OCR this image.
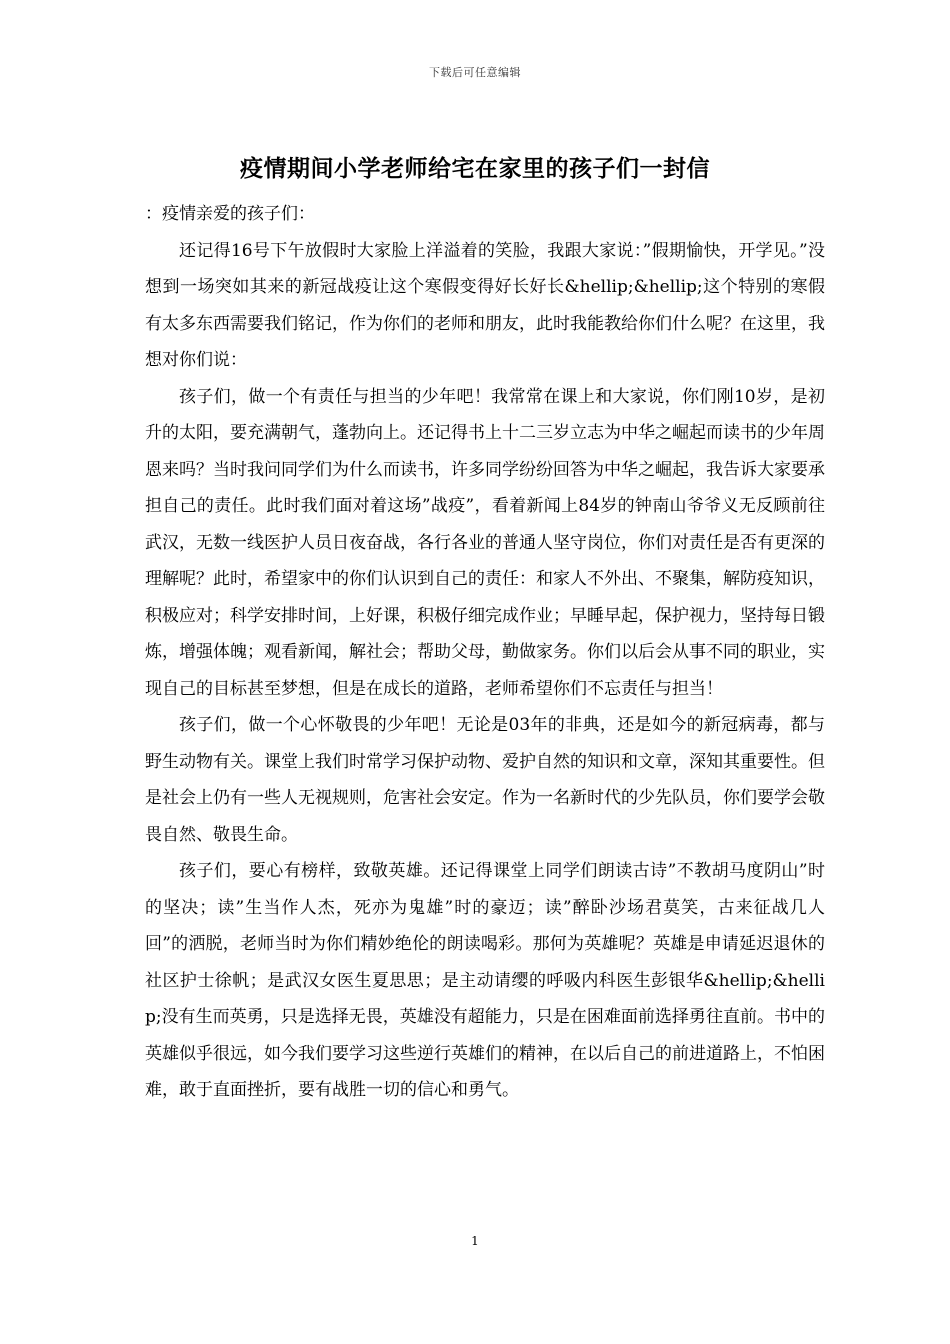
下载后可任意编辑
疫情期间小学老师给宅在家里的孩子们一封信

：疫情亲爱的孩子们：

还记得16号下午放假时大家脸上洋溢着的笑脸，我跟大家说：”假期愉快，开学见。”没想到一场突如其来的新冠战疫让这个寒假变得好长好长&hellip;&hellip;这个特别的寒假有太多东西需要我们铭记，作为你们的老师和朋友，此时我能教给你们什么呢？在这里，我想对你们说：

孩子们，做一个有责任与担当的少年吧！我常常在课上和大家说，你们刚10岁，是初升的太阳，要充满朝气，蓬勃向上。还记得书上十二三岁立志为中华之崛起而读书的少年周恩来吗？当时我问同学们为什么而读书，许多同学纷纷回答为中华之崛起，我告诉大家要承担自己的责任。此时我们面对着这场”战疫”，看着新闻上84岁的钟南山爷爷义无反顾前往武汉，无数一线医护人员日夜奋战，各行各业的普通人坚守岗位，你们对责任是否有更深的理解呢？此时，希望家中的你们认识到自己的责任：和家人不外出、不聚集，解防疫知识，积极应对；科学安排时间，上好课，积极仔细完成作业；早睡早起，保护视力，坚持每日锻炼，增强体魄；观看新闻，解社会；帮助父母，勤做家务。你们以后会从事不同的职业，实现自己的目标甚至梦想，但是在成长的道路，老师希望你们不忘责任与担当！

孩子们，做一个心怀敬畏的少年吧！无论是03年的非典，还是如今的新冠病毒，都与野生动物有关。课堂上我们时常学习保护动物、爱护自然的知识和文章，深知其重要性。但是社会上仍有一些人无视规则，危害社会安定。作为一名新时代的少先队员，你们要学会敬畏自然、敬畏生命。

孩子们，要心有榜样，致敬英雄。还记得课堂上同学们朗读古诗”不教胡马度阴山”时的坚决；读”生当作人杰，死亦为鬼雄”时的豪迈；读”醉卧沙场君莫笑，古来征战几人回”的洒脱，老师当时为你们精妙绝伦的朗读喝彩。那何为英雄呢？英雄是申请延迟退休的社区护士徐帆；是武汉女医生夏思思；是主动请缨的呼吸内科医生彭银华&hellip;&hellip;没有生而英勇，只是选择无畏，英雄没有超能力，只是在困难面前选择勇往直前。书中的英雄似乎很远，如今我们要学习这些逆行英雄们的精神，在以后自己的前进道路上，不怕困难，敢于直面挫折，要有战胜一切的信心和勇气。

1
